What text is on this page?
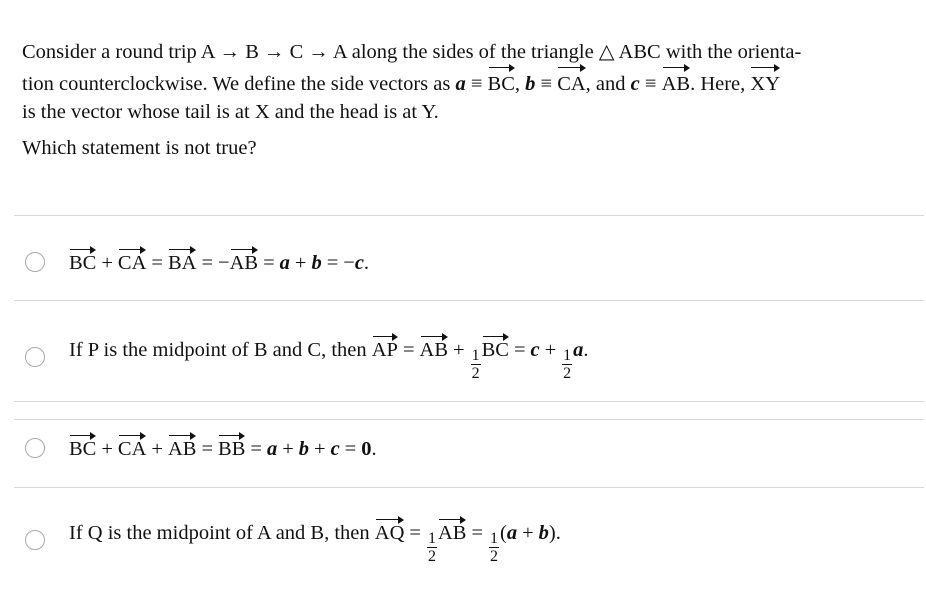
Consider a round trip A → B → C → A along the sides of the triangle △ ABC with the orienta-

tion counterclockwise. We define the side vectors as a ≡ BC, b ≡ CA, and c ≡ AB. Here, XY

is the vector whose tail is at X and the head is at Y.

Which statement is not true?
BC + CA = BA = − AB = a + b = − c .
If P is the midpoint of B and C, then AP = AB + $\frac{1}{2}$ BC = $c + \frac{1}{2}$ a .
BC + CA + AB = BB = a + b + c = 0 .
If Q is the midpoint of A and B, then AQ = $\frac{1}{2}$ AB = $\frac{1}{2}$ ( a + b ).
